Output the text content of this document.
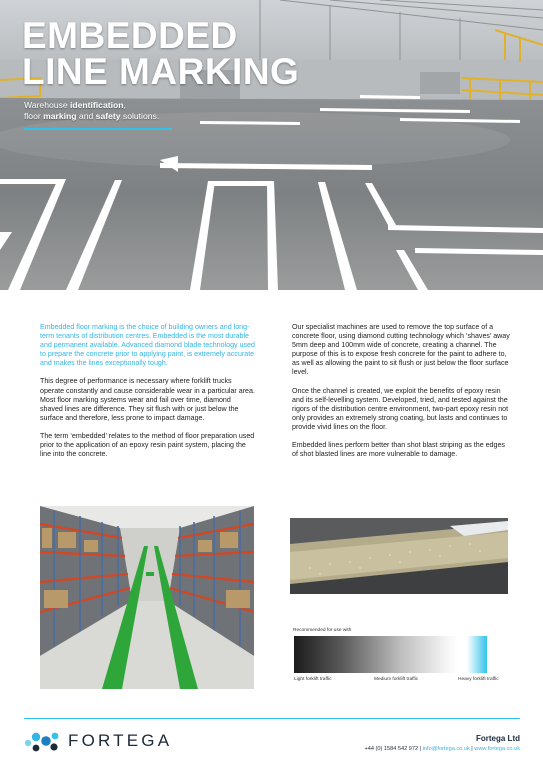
EMBEDDED
LINE MARKING
Warehouse identification,
floor marking and safety solutions.

Embedded floor marking is the choice of building owners and long-term tenants of distribution centres. Embedded is the most durable and permanent available. Advanced diamond blade technology used to prepare the concrete prior to applying paint, is extremely accurate and makes the lines exceptionally tough.

This degree of performance is necessary where forklift trucks operate constantly and cause considerable wear in a particular area. Most floor marking systems wear and fail over time, diamond shaved lines are difference. They sit flush with or just below the surface and therefore, less prone to impact damage.

The term ‘embedded’ relates to the method of floor preparation used prior to the application of an epoxy resin paint system, placing the line into the concrete.

Our specialist machines are used to remove the top surface of a concrete floor, using diamond cutting technology which ‘shaves’ away 5mm deep and 100mm wide of concrete, creating a channel. The purpose of this is to expose fresh concrete for the paint to adhere to, as well as allowing the paint to sit flush or just below the floor surface level.

Once the channel is created, we exploit the benefits of epoxy resin and its self-levelling system. Developed, tried, and tested against the rigors of the distribution centre environment, two-part epoxy resin not only provides an extremely strong coating, but lasts and continues to provide vivid lines on the floor.

Embedded lines perform better than shot blast striping as the edges of shot blasted lines are more vulnerable to damage.

Recommended for use with
Light forklift traffic	Medium forklift traffic	Heavy forklift traffic
FORTEGA	Fortega Ltd
+44 (0) 1584 542 972 | info@fortega.co.uk | www.fortega.co.uk
